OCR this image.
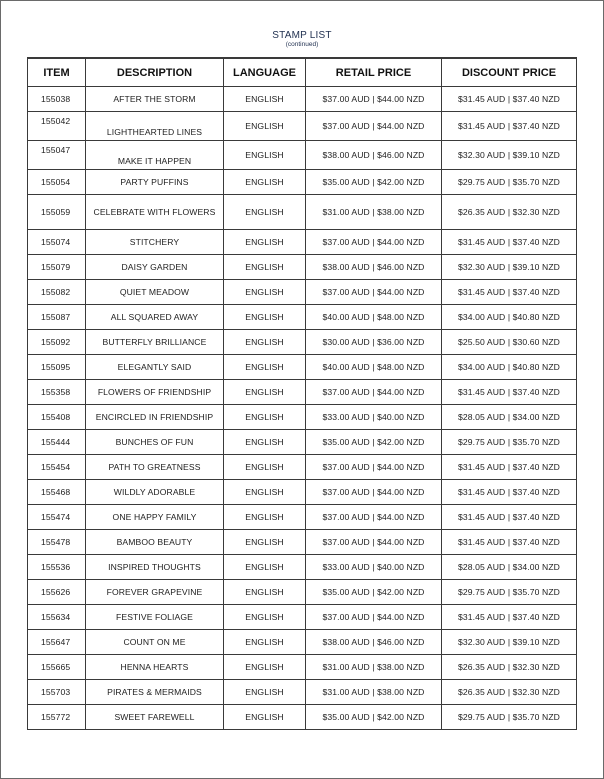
STAMP LIST
(continued)
ITEM	DESCRIPTION	LANGUAGE	RETAIL PRICE	DISCOUNT PRICE
155038	AFTER THE STORM	ENGLISH	$37.00 AUD | $44.00 NZD	$31.45 AUD | $37.40 NZD
155042	LIGHTHEARTED LINES	ENGLISH	$37.00 AUD | $44.00 NZD	$31.45 AUD | $37.40 NZD
155047	MAKE IT HAPPEN	ENGLISH	$38.00 AUD | $46.00 NZD	$32.30 AUD | $39.10 NZD
155054	PARTY PUFFINS	ENGLISH	$35.00 AUD | $42.00 NZD	$29.75 AUD | $35.70 NZD
155059	CELEBRATE WITH FLOWERS	ENGLISH	$31.00 AUD | $38.00 NZD	$26.35 AUD | $32.30 NZD
155074	STITCHERY	ENGLISH	$37.00 AUD | $44.00 NZD	$31.45 AUD | $37.40 NZD
155079	DAISY GARDEN	ENGLISH	$38.00 AUD | $46.00 NZD	$32.30 AUD | $39.10 NZD
155082	QUIET MEADOW	ENGLISH	$37.00 AUD | $44.00 NZD	$31.45 AUD | $37.40 NZD
155087	ALL SQUARED AWAY	ENGLISH	$40.00 AUD | $48.00 NZD	$34.00 AUD | $40.80 NZD
155092	BUTTERFLY BRILLIANCE	ENGLISH	$30.00 AUD | $36.00 NZD	$25.50 AUD | $30.60 NZD
155095	ELEGANTLY SAID	ENGLISH	$40.00 AUD | $48.00 NZD	$34.00 AUD | $40.80 NZD
155358	FLOWERS OF FRIENDSHIP	ENGLISH	$37.00 AUD | $44.00 NZD	$31.45 AUD | $37.40 NZD
155408	ENCIRCLED IN FRIENDSHIP	ENGLISH	$33.00 AUD | $40.00 NZD	$28.05 AUD | $34.00 NZD
155444	BUNCHES OF FUN	ENGLISH	$35.00 AUD | $42.00 NZD	$29.75 AUD | $35.70 NZD
155454	PATH TO GREATNESS	ENGLISH	$37.00 AUD | $44.00 NZD	$31.45 AUD | $37.40 NZD
155468	WILDLY ADORABLE	ENGLISH	$37.00 AUD | $44.00 NZD	$31.45 AUD | $37.40 NZD
155474	ONE HAPPY FAMILY	ENGLISH	$37.00 AUD | $44.00 NZD	$31.45 AUD | $37.40 NZD
155478	BAMBOO BEAUTY	ENGLISH	$37.00 AUD | $44.00 NZD	$31.45 AUD | $37.40 NZD
155536	INSPIRED THOUGHTS	ENGLISH	$33.00 AUD | $40.00 NZD	$28.05 AUD | $34.00 NZD
155626	FOREVER GRAPEVINE	ENGLISH	$35.00 AUD | $42.00 NZD	$29.75 AUD | $35.70 NZD
155634	FESTIVE FOLIAGE	ENGLISH	$37.00 AUD | $44.00 NZD	$31.45 AUD | $37.40 NZD
155647	COUNT ON ME	ENGLISH	$38.00 AUD | $46.00 NZD	$32.30 AUD | $39.10 NZD
155665	HENNA HEARTS	ENGLISH	$31.00 AUD | $38.00 NZD	$26.35 AUD | $32.30 NZD
155703	PIRATES & MERMAIDS	ENGLISH	$31.00 AUD | $38.00 NZD	$26.35 AUD | $32.30 NZD
155772	SWEET FAREWELL	ENGLISH	$35.00 AUD | $42.00 NZD	$29.75 AUD | $35.70 NZD
